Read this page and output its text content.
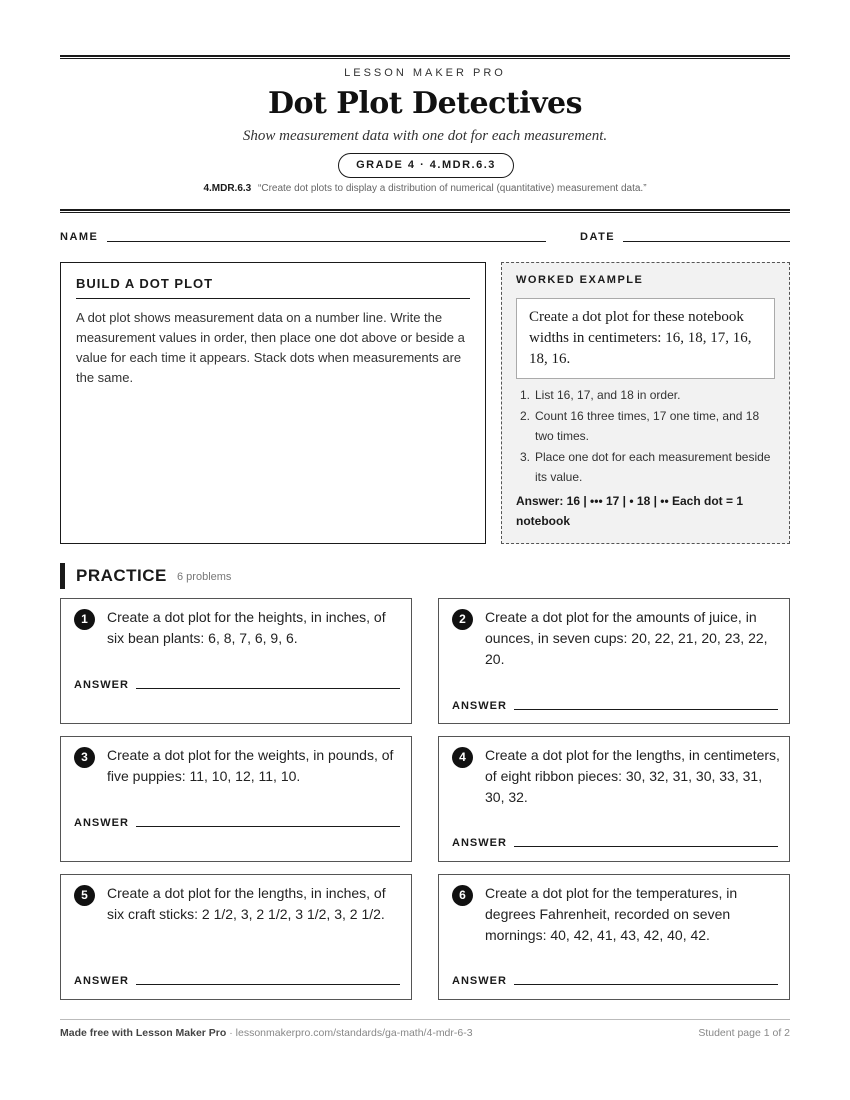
LESSON MAKER PRO
Dot Plot Detectives
Show measurement data with one dot for each measurement.
GRADE 4 · 4.MDR.6.3
4.MDR.6.3 “Create dot plots to display a distribution of numerical (quantitative) measurement data.”
NAME	DATE
BUILD A DOT PLOT

A dot plot shows measurement data on a number line. Write the measurement values in order, then place one dot above or beside a value for each time it appears. Stack dots when measurements are the same.

WORKED EXAMPLE
Create a dot plot for these notebook widths in centimeters: 16, 18, 17, 16, 18, 16.
1. List 16, 17, and 18 in order.
2. Count 16 three times, 17 one time, and 18 two times.
3. Place one dot for each measurement beside its value.
Answer: 16 | ••• 17 | • 18 | •• Each dot = 1 notebook
PRACTICE 6 problems
1	Create a dot plot for the heights, in inches, of six bean plants: 6, 8, 7, 6, 9, 6.
ANSWER
2	Create a dot plot for the amounts of juice, in ounces, in seven cups: 20, 22, 21, 20, 23, 22, 20.
ANSWER
3	Create a dot plot for the weights, in pounds, of five puppies: 11, 10, 12, 11, 10.
ANSWER
4	Create a dot plot for the lengths, in centimeters, of eight ribbon pieces: 30, 32, 31, 30, 33, 31, 30, 32.
ANSWER
5	Create a dot plot for the lengths, in inches, of six craft sticks: 2 1/2, 3, 2 1/2, 3 1/2, 3, 2 1/2.
ANSWER
6	Create a dot plot for the temperatures, in degrees Fahrenheit, recorded on seven mornings: 40, 42, 41, 43, 42, 40, 42.
ANSWER
Made free with Lesson Maker Pro · lessonmakerpro.com/standards/ga-math/4-mdr-6-3	Student page 1 of 2
